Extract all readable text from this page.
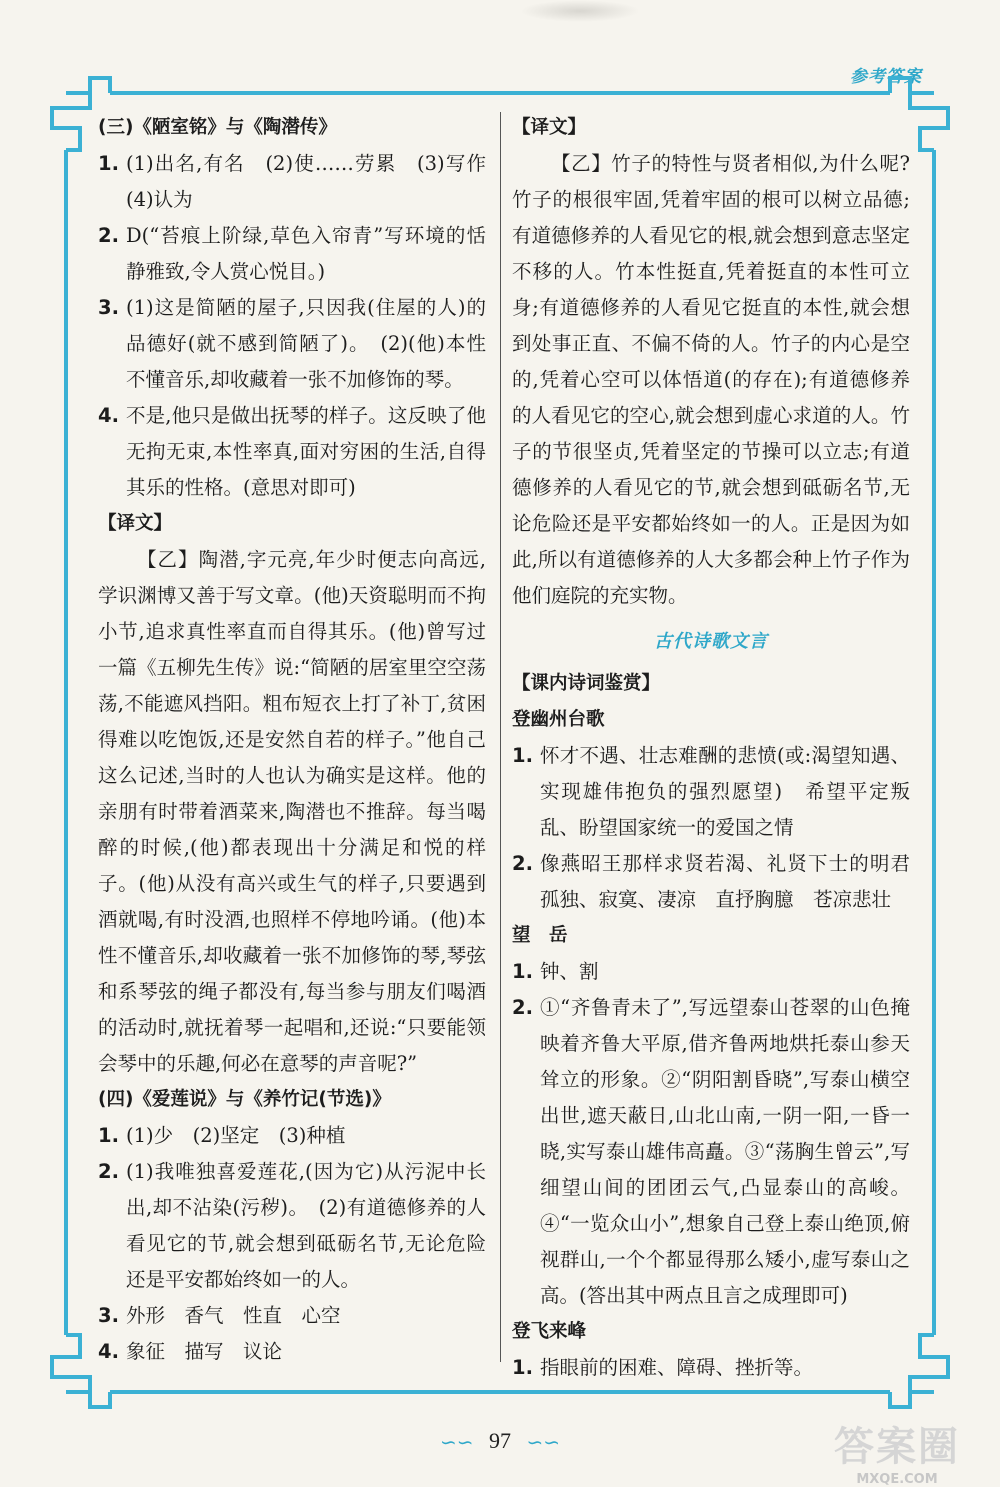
参考答案
(三)《陋室铭》与《陶潜传》
1. (1)出名,有名　(2)使……劳累　(3)写作　(4)认为
2. D(“苔痕上阶绿,草色入帘青”写环境的恬静雅致,令人赏心悦目。)
3. (1)这是简陋的屋子,只因我(住屋的人)的品德好(就不感到简陋了)。　(2)(他)本性不懂音乐,却收藏着一张不加修饰的琴。
4. 不是,他只是做出抚琴的样子。这反映了他无拘无束,本性率真,面对穷困的生活,自得其乐的性格。(意思对即可)
【译文】
【乙】陶潜,字元亮,年少时便志向高远,学识渊博又善于写文章。(他)天资聪明而不拘小节,追求真性率直而自得其乐。(他)曾写过一篇《五柳先生传》说:“简陋的居室里空空荡荡,不能遮风挡阳。粗布短衣上打了补丁,贫困得难以吃饱饭,还是安然自若的样子。”他自己这么记述,当时的人也认为确实是这样。他的亲朋有时带着酒菜来,陶潜也不推辞。每当喝醉的时候,(他)都表现出十分满足和悦的样子。(他)从没有高兴或生气的样子,只要遇到酒就喝,有时没酒,也照样不停地吟诵。(他)本性不懂音乐,却收藏着一张不加修饰的琴,琴弦和系琴弦的绳子都没有,每当参与朋友们喝酒的活动时,就抚着琴一起唱和,还说:“只要能领会琴中的乐趣,何必在意琴的声音呢?”
(四)《爱莲说》与《养竹记(节选)》
1. (1)少　(2)坚定　(3)种植
2. (1)我唯独喜爱莲花,(因为它)从污泥中长出,却不沾染(污秽)。　(2)有道德修养的人看见它的节,就会想到砥砺名节,无论危险还是平安都始终如一的人。
3. 外形　香气　性直　心空
4. 象征　描写　议论
【译文】
【乙】竹子的特性与贤者相似,为什么呢?竹子的根很牢固,凭着牢固的根可以树立品德;有道德修养的人看见它的根,就会想到意志坚定不移的人。竹本性挺直,凭着挺直的本性可立身;有道德修养的人看见它挺直的本性,就会想到处事正直、不偏不倚的人。竹子的内心是空的,凭着心空可以体悟道(的存在);有道德修养的人看见它的空心,就会想到虚心求道的人。竹子的节很坚贞,凭着坚定的节操可以立志;有道德修养的人看见它的节,就会想到砥砺名节,无论危险还是平安都始终如一的人。正是因为如此,所以有道德修养的人大多都会种上竹子作为他们庭院的充实物。
古代诗歌文言
【课内诗词鉴赏】
登幽州台歌
1. 怀才不遇、壮志难酬的悲愤(或:渴望知遇、实现雄伟抱负的强烈愿望)　希望平定叛乱、盼望国家统一的爱国之情
2. 像燕昭王那样求贤若渴、礼贤下士的明君　孤独、寂寞、凄凉　直抒胸臆　苍凉悲壮
望　岳
1. 钟、割
2. ①“齐鲁青未了”,写远望泰山苍翠的山色掩映着齐鲁大平原,借齐鲁两地烘托泰山参天耸立的形象。②“阴阳割昏晓”,写泰山横空出世,遮天蔽日,山北山南,一阴一阳,一昏一晓,实写泰山雄伟高矗。③“荡胸生曾云”,写细望山间的团团云气,凸显泰山的高峻。④“一览众山小”,想象自己登上泰山绝顶,俯视群山,一个个都显得那么矮小,虚写泰山之高。(答出其中两点且言之成理即可)
登飞来峰
1. 指眼前的困难、障碍、挫折等。
∽∽ 97 ∽∽	答案圈
MXQE.COM
